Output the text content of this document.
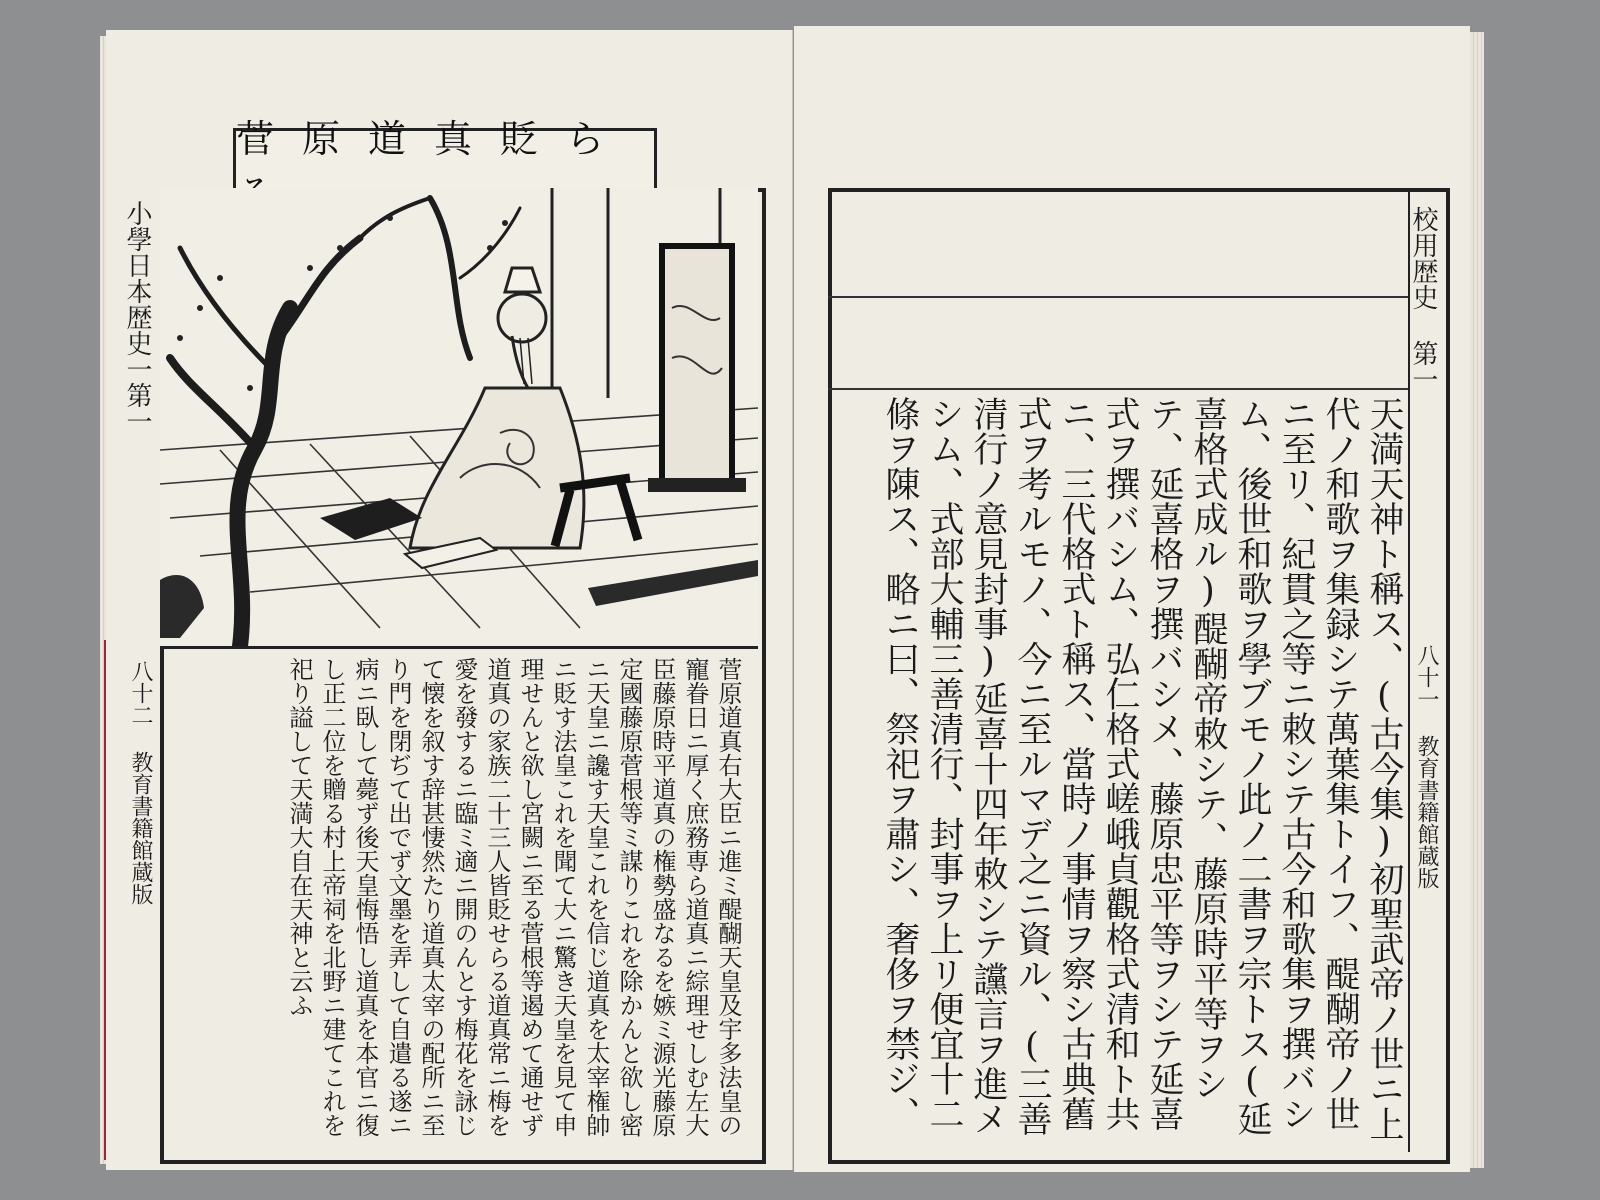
菅原道真貶ら
小學日本歴史一第一
八十二 教育書籍館蔵版	菅原道真右大臣ニ進ミ醍醐天皇及宇多法皇の寵眷日ニ厚く庶務専ら道真ニ綜理せしむ左大臣藤原時平道真の権勢盛なるを嫉ミ源光藤原定國藤原菅根等ミ謀りこれを除かんと欲し密ニ天皇ニ讒す天皇これを信じ道真を太宰権帥ニ貶す法皇これを聞て大ニ驚き天皇を見て申理せんと欲し宮闕ニ至る菅根等遏めて通せず道真の家族二十三人皆貶せらる道真常ニ梅を愛を發するニ臨ミ適ニ開のんとす梅花を詠じて懐を叙す辞甚悽然たり道真太宰の配所ニ至り門を閉ぢて出でず文墨を弄して自遣る遂ニ病ニ臥して薨ず後天皇悔悟し道真を本官ニ復し正二位を贈る村上帝祠を北野ニ建てこれを祀り謚して天満大自在天神と云ふ	天満天神ト稱ス、(古今集)初聖武帝ノ世ニ上代ノ和歌ヲ集録シテ萬葉集トイフ、醍醐帝ノ世ニ至リ、紀貫之等ニ敕シテ古今和歌集ヲ撰バシム、後世和歌ヲ學ブモノ此ノ二書ヲ宗トス(延喜格式成ル)醍醐帝敕シテ、藤原時平等ヲシテ、延喜格ヲ撰バシメ、藤原忠平等ヲシテ延喜式ヲ撰バシム、弘仁格式嵯峨貞觀格式清和ト共ニ、三代格式ト稱ス、當時ノ事情ヲ察シ古典舊式ヲ考ルモノ、今ニ至ルマデ之ニ資ル、(三善清行ノ意見封事)延喜十四年敕シテ讜言ヲ進メシム、式部大輔三善清行、封事ヲ上リ便宜十二條ヲ陳ス、略ニ曰、祭祀ヲ肅シ、奢侈ヲ禁ジ、
校用歴史 第一
八十一 教育書籍館蔵版
